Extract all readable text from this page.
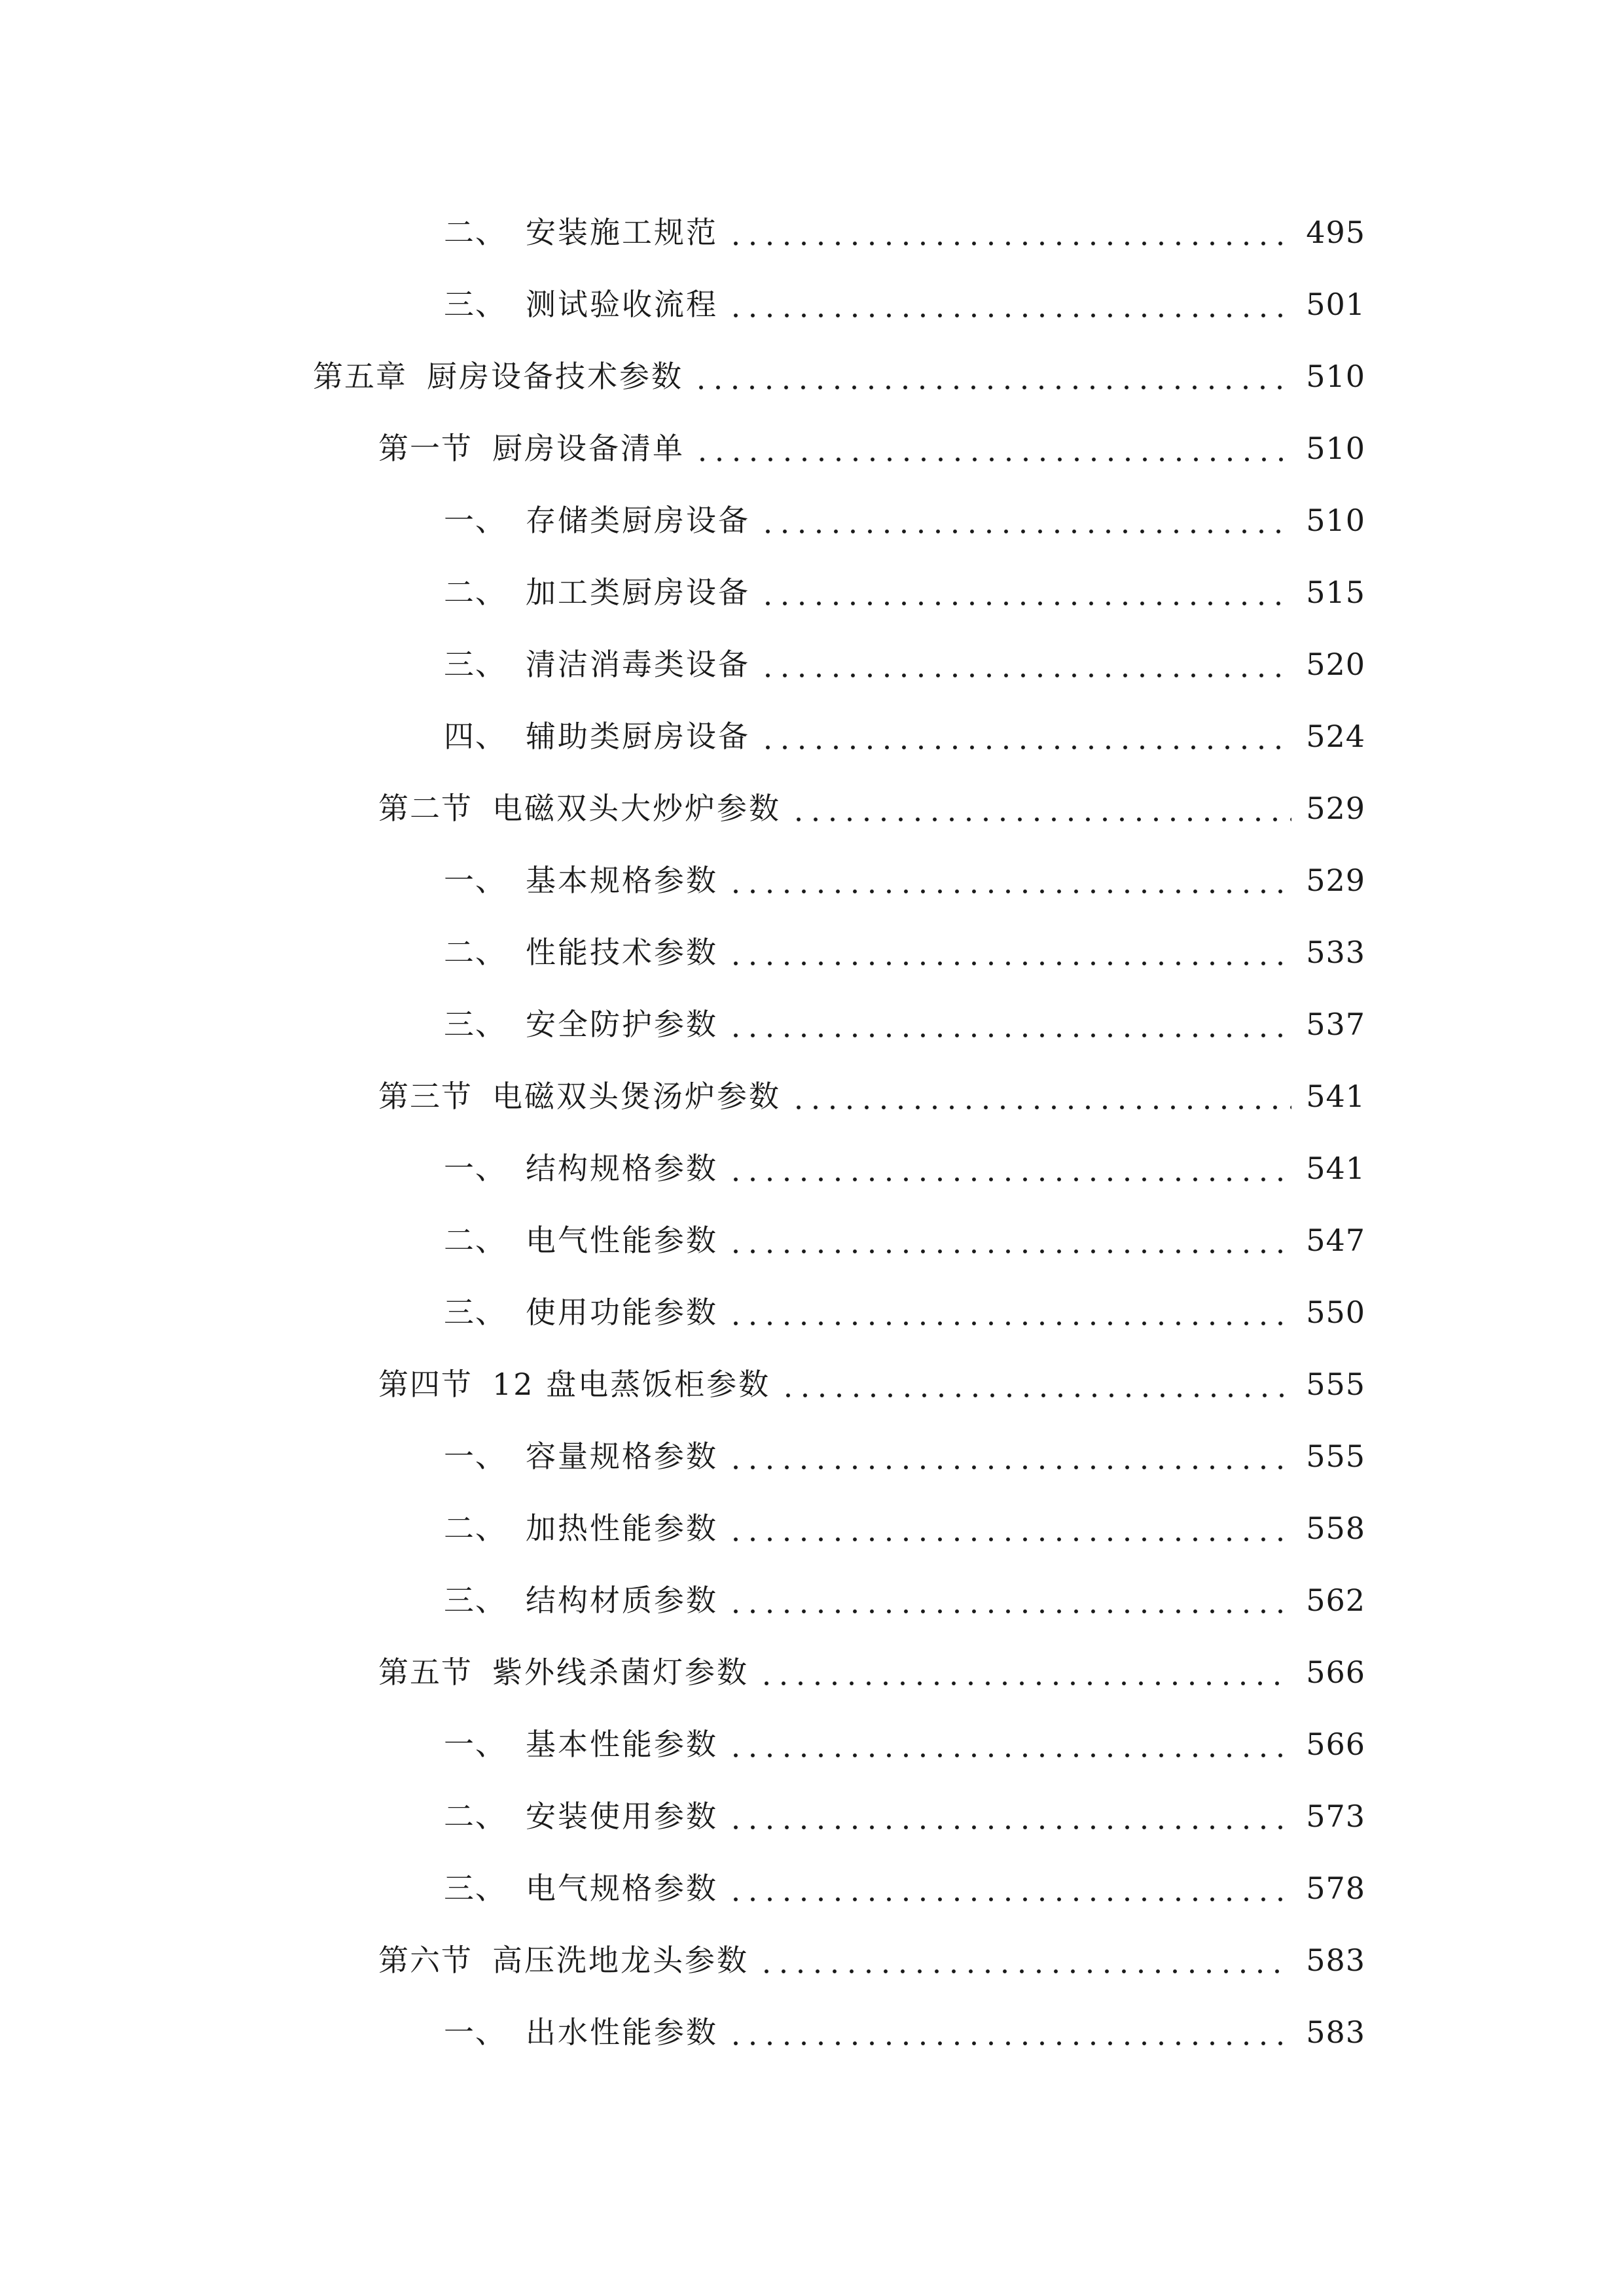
二、 安装施工规范	495
三、 测试验收流程	501
第五章 厨房设备技术参数	510
第一节 厨房设备清单	510
一、 存储类厨房设备	510
二、 加工类厨房设备	515
三、 清洁消毒类设备	520
四、 辅助类厨房设备	524
第二节 电磁双头大炒炉参数	529
一、 基本规格参数	529
二、 性能技术参数	533
三、 安全防护参数	537
第三节 电磁双头煲汤炉参数	541
一、 结构规格参数	541
二、 电气性能参数	547
三、 使用功能参数	550
第四节 12 盘电蒸饭柜参数	555
一、 容量规格参数	555
二、 加热性能参数	558
三、 结构材质参数	562
第五节 紫外线杀菌灯参数	566
一、 基本性能参数	566
二、 安装使用参数	573
三、 电气规格参数	578
第六节 高压洗地龙头参数	583
一、 出水性能参数	583
